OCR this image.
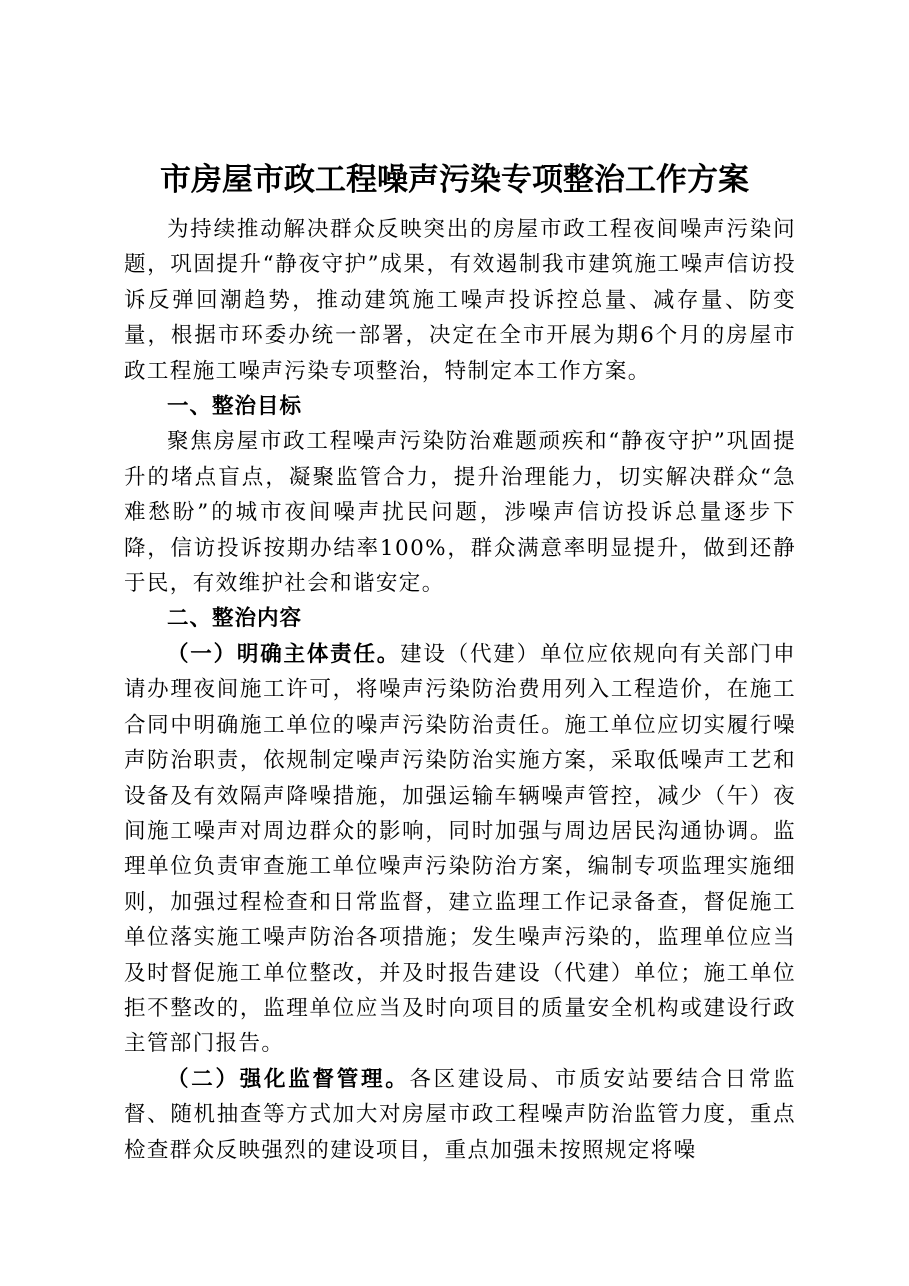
市房屋市政工程噪声污染专项整治工作方案

为持续推动解决群众反映突出的房屋市政工程夜间噪声污染问题，巩固提升“静夜守护”成果，有效遏制我市建筑施工噪声信访投诉反弹回潮趋势，推动建筑施工噪声投诉控总量、减存量、防变量，根据市环委办统一部署，决定在全市开展为期6个月的房屋市政工程施工噪声污染专项整治，特制定本工作方案。

一、整治目标

聚焦房屋市政工程噪声污染防治难题顽疾和“静夜守护”巩固提升的堵点盲点，凝聚监管合力，提升治理能力，切实解决群众“急难愁盼”的城市夜间噪声扰民问题，涉噪声信访投诉总量逐步下降，信访投诉按期办结率100%，群众满意率明显提升，做到还静于民，有效维护社会和谐安定。

二、整治内容

（一）明确主体责任。建设（代建）单位应依规向有关部门申请办理夜间施工许可，将噪声污染防治费用列入工程造价，在施工合同中明确施工单位的噪声污染防治责任。施工单位应切实履行噪声防治职责，依规制定噪声污染防治实施方案，采取低噪声工艺和设备及有效隔声降噪措施，加强运输车辆噪声管控，减少（午）夜间施工噪声对周边群众的影响，同时加强与周边居民沟通协调。监理单位负责审查施工单位噪声污染防治方案，编制专项监理实施细则，加强过程检查和日常监督，建立监理工作记录备查，督促施工单位落实施工噪声防治各项措施；发生噪声污染的，监理单位应当及时督促施工单位整改，并及时报告建设（代建）单位；施工单位拒不整改的，监理单位应当及时向项目的质量安全机构或建设行政主管部门报告。

（二）强化监督管理。各区建设局、市质安站要结合日常监督、随机抽查等方式加大对房屋市政工程噪声防治监管力度，重点检查群众反映强烈的建设项目，重点加强未按照规定将噪
